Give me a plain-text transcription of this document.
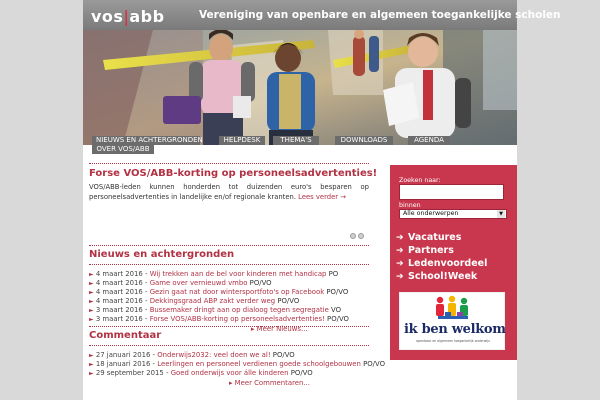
vos|abb	Vereniging van openbare en algemeen toegankelijke scholen
NIEUWS EN ACHTERGRONDEN	HELPDESK	THEMA'S	DOWNLOADS	AGENDA
OVER VOS/ABB
Forse VOS/ABB-korting op personeelsadvertenties!
VOS/ABB-leden kunnen honderden tot duizenden euro's besparen op personeelsadvertenties in landelijke en/of regionale kranten. Lees verder →
Nieuws en achtergronden
► 4 maart 2016 - Wij trekken aan de bel voor kinderen met handicap PO
► 4 maart 2016 - Game over vernieuwd vmbo PO/VO
► 4 maart 2016 - Gezin gaat nat door wintersportfoto's op Facebook PO/VO
► 4 maart 2016 - Dekkingsgraad ABP zakt verder weg PO/VO
► 3 maart 2016 - Bussemaker dringt aan op dialoog tegen segregatie VO
► 3 maart 2016 - Forse VOS/ABB-korting op personeelsadvertenties! PO/VO
▸ Meer Nieuws...
Commentaar
► 27 januari 2016 - Onderwijs2032: veel doen we al! PO/VO
► 18 januari 2016 - Leerlingen en personeel verdienen goede schoolgebouwen PO/VO
► 29 september 2015 - Goed onderwijs voor álle kinderen PO/VO
▸ Meer Commentaren...
Zoeken naar:
binnen
Alle onderwerpen	▼
➔ Vacatures
➔ Partners
➔ Ledenvoordeel
➔ School!Week
ik ben welkom
openbaar en algemeen toegankelijk onderwijs
